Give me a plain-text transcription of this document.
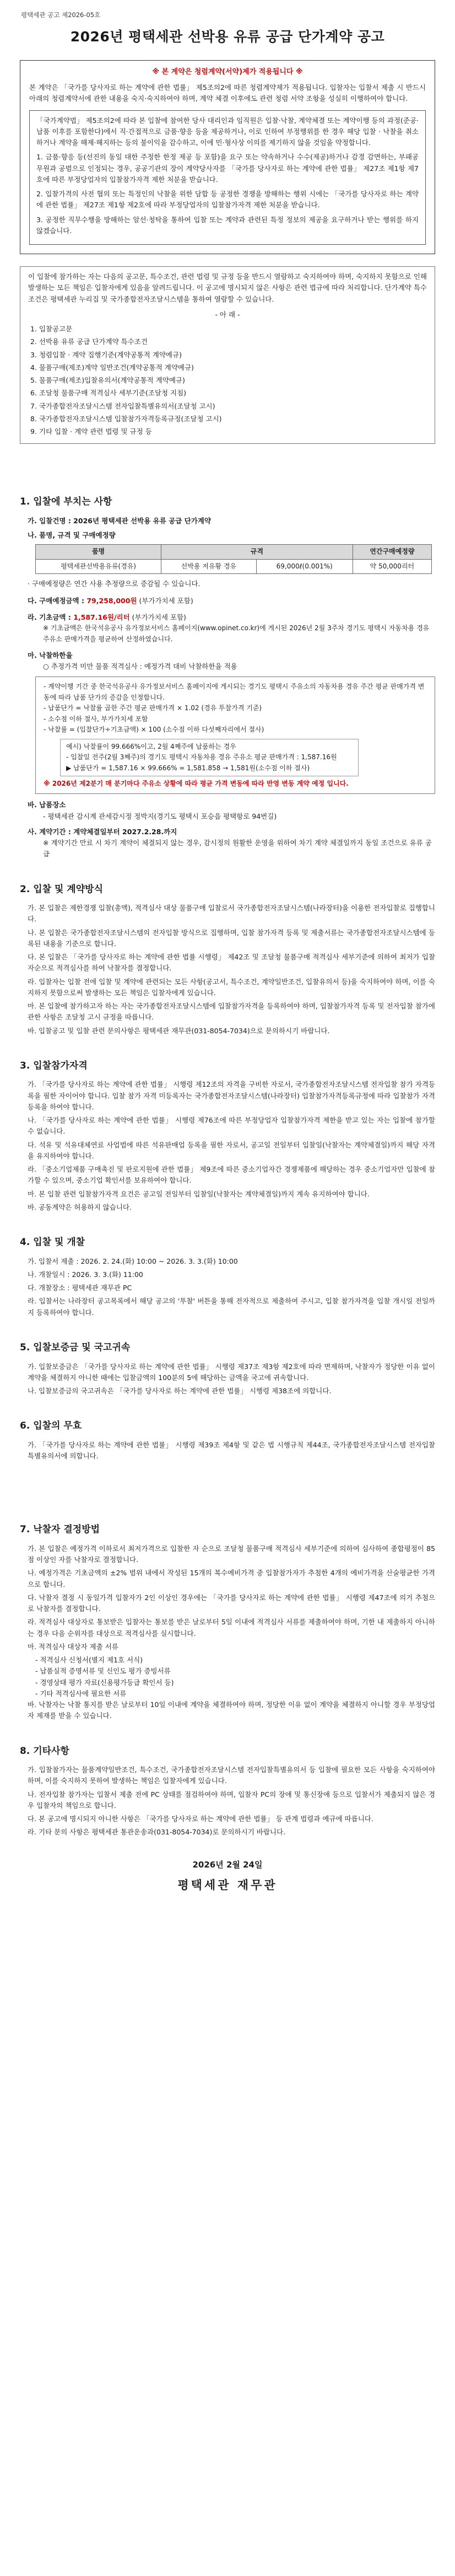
평택세관 공고 제2026-05호
2026년 평택세관 선박용 유류 공급 단가계약 공고
※ 본 계약은 청렴계약(서약)제가 적용됩니다 ※

본 계약은 「국가를 당사자로 하는 계약에 관한 법률」 제5조의2에 따른 청렴계약제가 적용됩니다. 입찰자는 입찰서 제출 시 반드시 아래의 청렴계약서에 관한 내용을 숙지·숙지하여야 하며, 계약 체결 이후에도 관련 청렴 서약 조항을 성실히 이행하여야 합니다.

「국가계약법」 제5조의2에 따라 본 입찰에 참여한 당사 대리인과 임직원은 입찰·낙찰, 계약체결 또는 계약이행 등의 과정(준공·납품 이후를 포함한다)에서 직·간접적으로 금품·향응 등을 제공하거나, 이로 인하여 부정행위를 한 경우 해당 입찰 · 낙찰을 취소하거나 계약을 해제·해지하는 등의 불이익을 감수하고, 이에 민·형사상 이의를 제기하지 않을 것임을 약정합니다.

1. 금품·향응 등(선진의 동일 대한 주정한 한정 제공 등 포함)을 요구 또는 약속하거나 수수(제공)하거나 감경 감면하는, 부패공무원과 공범으로 인정되는 경우, 공공기관의 장이 계약당사자를 「국가를 당사자로 하는 계약에 관한 법률」 제27조 제1항 제7호에 따른 부정당업자의 입찰참가자격 제한 처분을 받습니다.

2. 입찰가격의 사전 협의 또는 특정인의 낙찰을 위한 담합 등 공정한 경쟁을 방해하는 행위 시에는 「국가를 당사자로 하는 계약에 관한 법률」 제27조 제1항 제2호에 따라 부정당업자의 입찰참가자격 제한 처분을 받습니다.

3. 공정한 직무수행을 방해하는 알선·청탁을 통하여 입찰 또는 계약과 관련된 특정 정보의 제공을 요구하거나 받는 행위를 하지 않겠습니다.

이 입찰에 참가하는 자는 다음의 공고문, 특수조건, 관련 법령 및 규정 등을 반드시 열람하고 숙지하여야 하며, 숙지하지 못함으로 인해 발생하는 모든 책임은 입찰자에게 있음을 알려드립니다. 이 공고에 명시되지 않은 사항은 관련 법규에 따라 처리합니다. 단가계약 특수조건은 평택세관 누리집 및 국가종합전자조달시스템을 통하여 열람할 수 있습니다.

- 아 래 -
1. 입찰공고문
2. 선박용 유류 공급 단가계약 특수조건
3. 청렴입찰 · 계약 집행기준(계약공통적 계약예규)
4. 물품구매(제조)계약 일반조건(계약공통적 계약예규)
5. 물품구매(제조)입찰유의서(계약공통적 계약예규)
6. 조달청 물품구매 적격심사 세부기준(조달청 지침)
7. 국가종합전자조달시스템 전자입찰특별유의서(조달청 고시)
8. 국가종합전자조달시스템 입찰참가자격등록규정(조달청 고시)
9. 기타 입찰 · 계약 관련 법령 및 규정 등
1. 입찰에 부치는 사항
가. 입찰건명 : 2026년 평택세관 선박용 유류 공급 단가계약
나. 품명, 규격 및 구매예정량
품명	규격		연간구매예정량
평택세관선박용유류(경유)	선박용 저유황 경유	69,000ℓ(0.001%)	약 50,000리터
· 구매예정량은 연간 사용 추정량으로 증감될 수 있습니다.
다. 구매예정금액 : 79,258,000원 (부가가치세 포함)
라. 기초금액 : 1,587.16원/리터 (부가가치세 포함)
※ 기초금액은 한국석유공사 유가정보서비스 홈페이지(www.opinet.co.kr)에 게시된 2026년 2월 3주차 경기도 평택시 자동차용 경유 주유소 판매가격을 평균하여 산정하였습니다.
마. 낙찰하한율
○ 추정가격 미만 물품 적격심사 : 예정가격 대비 낙찰하한율 적용
- 계약이행 기간 중 한국석유공사 유가정보서비스 홈페이지에 게시되는 경기도 평택시 주유소의 자동차용 경유 주간 평균 판매가격 변동에 따라 납품 단가의 증감을 인정합니다.
- 납품단가 = 낙찰률 곱한 주간 평균 판매가격 × 1.02 (경유 투찰가격 기준)
- 소수점 이하 절사, 부가가치세 포함
- 낙찰률 = (입찰단가÷기초금액) × 100 (소수점 이하 다섯째자리에서 절사)
예시) 낙찰률이 99.666%이고, 2월 4째주에 납품하는 경우
- 입찰일 전주(2월 3째주)의 경기도 평택시 자동차용 경유 주유소 평균 판매가격 : 1,587.16원
▶ 납품단가 = 1,587.16 × 99.666% = 1,581.858 → 1,581원(소수점 이하 절사)
※ 2026년 제2분기 매 분기마다 주유소 상황에 따라 평균 가격 변동에 따라 반영 변동 계약 예정 입니다.
바. 납품장소
- 평택세관 감시계 관세감시정 정박지(경기도 평택시 포승읍 평택항로 94번길)
사. 계약기간 : 계약체결일부터 2027.2.28.까지
※ 계약기간 만료 시 차기 계약이 체결되지 않는 경우, 감시정의 원활한 운영을 위하여 차기 계약 체결일까지 동일 조건으로 유류 공급
2. 입찰 및 계약방식

가. 본 입찰은 제한경쟁 입찰(총액), 적격심사 대상 물품구매 입찰로서 국가종합전자조달시스템(나라장터)을 이용한 전자입찰로 집행합니다.

나. 본 입찰은 국가종합전자조달시스템의 전자입찰 방식으로 집행하며, 입찰 참가자격 등록 및 제출서류는 국가종합전자조달시스템에 등록된 내용을 기준으로 합니다.

다. 본 입찰은 「국가를 당사자로 하는 계약에 관한 법률 시행령」 제42조 및 조달청 물품구매 적격심사 세부기준에 의하여 최저가 입찰자순으로 적격심사를 하여 낙찰자를 결정합니다.

라. 입찰자는 입찰 전에 입찰 및 계약에 관련되는 모든 사항(공고서, 특수조건, 계약일반조건, 입찰유의서 등)을 숙지하여야 하며, 이를 숙지하지 못함으로써 발생하는 모든 책임은 입찰자에게 있습니다.

마. 본 입찰에 참가하고자 하는 자는 국가종합전자조달시스템에 입찰참가자격을 등록하여야 하며, 입찰참가자격 등록 및 전자입찰 참가에 관한 사항은 조달청 고시 규정을 따릅니다.

바. 입찰공고 및 입찰 관련 문의사항은 평택세관 재무관(031-8054-7034)으로 문의하시기 바랍니다.

3. 입찰참가자격

가. 「국가를 당사자로 하는 계약에 관한 법률」 시행령 제12조의 자격을 구비한 자로서, 국가종합전자조달시스템 전자입찰 참가 자격등록을 필한 자이어야 합니다. 입찰 참가 자격 미등록자는 국가종합전자조달시스템(나라장터) 입찰참가자격등록규정에 따라 입찰참가 자격 등록을 하여야 합니다.

나. 「국가를 당사자로 하는 계약에 관한 법률」 시행령 제76조에 따른 부정당업자 입찰참가자격 제한을 받고 있는 자는 입찰에 참가할 수 없습니다.

다. 석유 및 석유대체연료 사업법에 따른 석유판매업 등록을 필한 자로서, 공고일 전일부터 입찰일(낙찰자는 계약체결일)까지 해당 자격을 유지하여야 합니다.

라. 「중소기업제품 구매촉진 및 판로지원에 관한 법률」 제9조에 따른 중소기업자간 경쟁제품에 해당하는 경우 중소기업자만 입찰에 참가할 수 있으며, 중소기업 확인서를 보유하여야 합니다.

마. 본 입찰 관련 입찰참가자격 요건은 공고일 전일부터 입찰일(낙찰자는 계약체결일)까지 계속 유지하여야 합니다.

바. 공동계약은 허용하지 않습니다.

4. 입찰 및 개찰

가. 입찰서 제출 : 2026. 2. 24.(화) 10:00 ~ 2026. 3. 3.(화) 10:00

나. 개찰일시 : 2026. 3. 3.(화) 11:00

다. 개찰장소 : 평택세관 재무관 PC

라. 입찰서는 나라장터 공고목록에서 해당 공고의 '투찰' 버튼을 통해 전자적으로 제출하여 주시고, 입찰 참가자격을 입찰 개시일 전일까지 등록하여야 합니다.

5. 입찰보증금 및 국고귀속

가. 입찰보증금은 「국가를 당사자로 하는 계약에 관한 법률」 시행령 제37조 제3항 제2호에 따라 면제하며, 낙찰자가 정당한 이유 없이 계약을 체결하지 아니한 때에는 입찰금액의 100분의 5에 해당하는 금액을 국고에 귀속합니다.

나. 입찰보증금의 국고귀속은 「국가를 당사자로 하는 계약에 관한 법률」 시행령 제38조에 의합니다.

6. 입찰의 무효

가. 「국가를 당사자로 하는 계약에 관한 법률」 시행령 제39조 제4항 및 같은 법 시행규칙 제44조, 국가종합전자조달시스템 전자입찰특별유의서에 의합니다.

7. 낙찰자 결정방법

가. 본 입찰은 예정가격 이하로서 최저가격으로 입찰한 자 순으로 조달청 물품구매 적격심사 세부기준에 의하여 심사하여 종합평점이 85점 이상인 자를 낙찰자로 결정합니다.

나. 예정가격은 기초금액의 ±2% 범위 내에서 작성된 15개의 복수예비가격 중 입찰참가자가 추첨한 4개의 예비가격을 산술평균한 가격으로 합니다.

다. 낙찰자 결정 시 동일가격 입찰자가 2인 이상인 경우에는 「국가를 당사자로 하는 계약에 관한 법률」 시행령 제47조에 의거 추첨으로 낙찰자를 결정합니다.

라. 적격심사 대상자로 통보받은 입찰자는 통보를 받은 날로부터 5일 이내에 적격심사 서류를 제출하여야 하며, 기한 내 제출하지 아니하는 경우 다음 순위자를 대상으로 적격심사를 실시합니다.

마. 적격심사 대상자 제출 서류

- 적격심사 신청서(별지 제1호 서식)
- 납품실적 증명서류 및 신인도 평가 증빙서류
- 경영상태 평가 자료(신용평가등급 확인서 등)
- 기타 적격심사에 필요한 서류

바. 낙찰자는 낙찰 통지를 받은 날로부터 10일 이내에 계약을 체결하여야 하며, 정당한 이유 없이 계약을 체결하지 아니할 경우 부정당업자 제재를 받을 수 있습니다.

8. 기타사항

가. 입찰참가자는 물품계약일반조건, 특수조건, 국가종합전자조달시스템 전자입찰특별유의서 등 입찰에 필요한 모든 사항을 숙지하여야 하며, 이를 숙지하지 못하여 발생하는 책임은 입찰자에게 있습니다.

나. 전자입찰 참가자는 입찰서 제출 전에 PC 상태를 점검하여야 하며, 입찰자 PC의 장애 및 통신장애 등으로 입찰서가 제출되지 않은 경우 입찰자의 책임으로 합니다.

다. 본 공고에 명시되지 아니한 사항은 「국가를 당사자로 하는 계약에 관한 법률」 등 관계 법령과 예규에 따릅니다.

라. 기타 문의 사항은 평택세관 통관운송과(031-8054-7034)로 문의하시기 바랍니다.

2026년 2월 24일
평택세관 재무관
